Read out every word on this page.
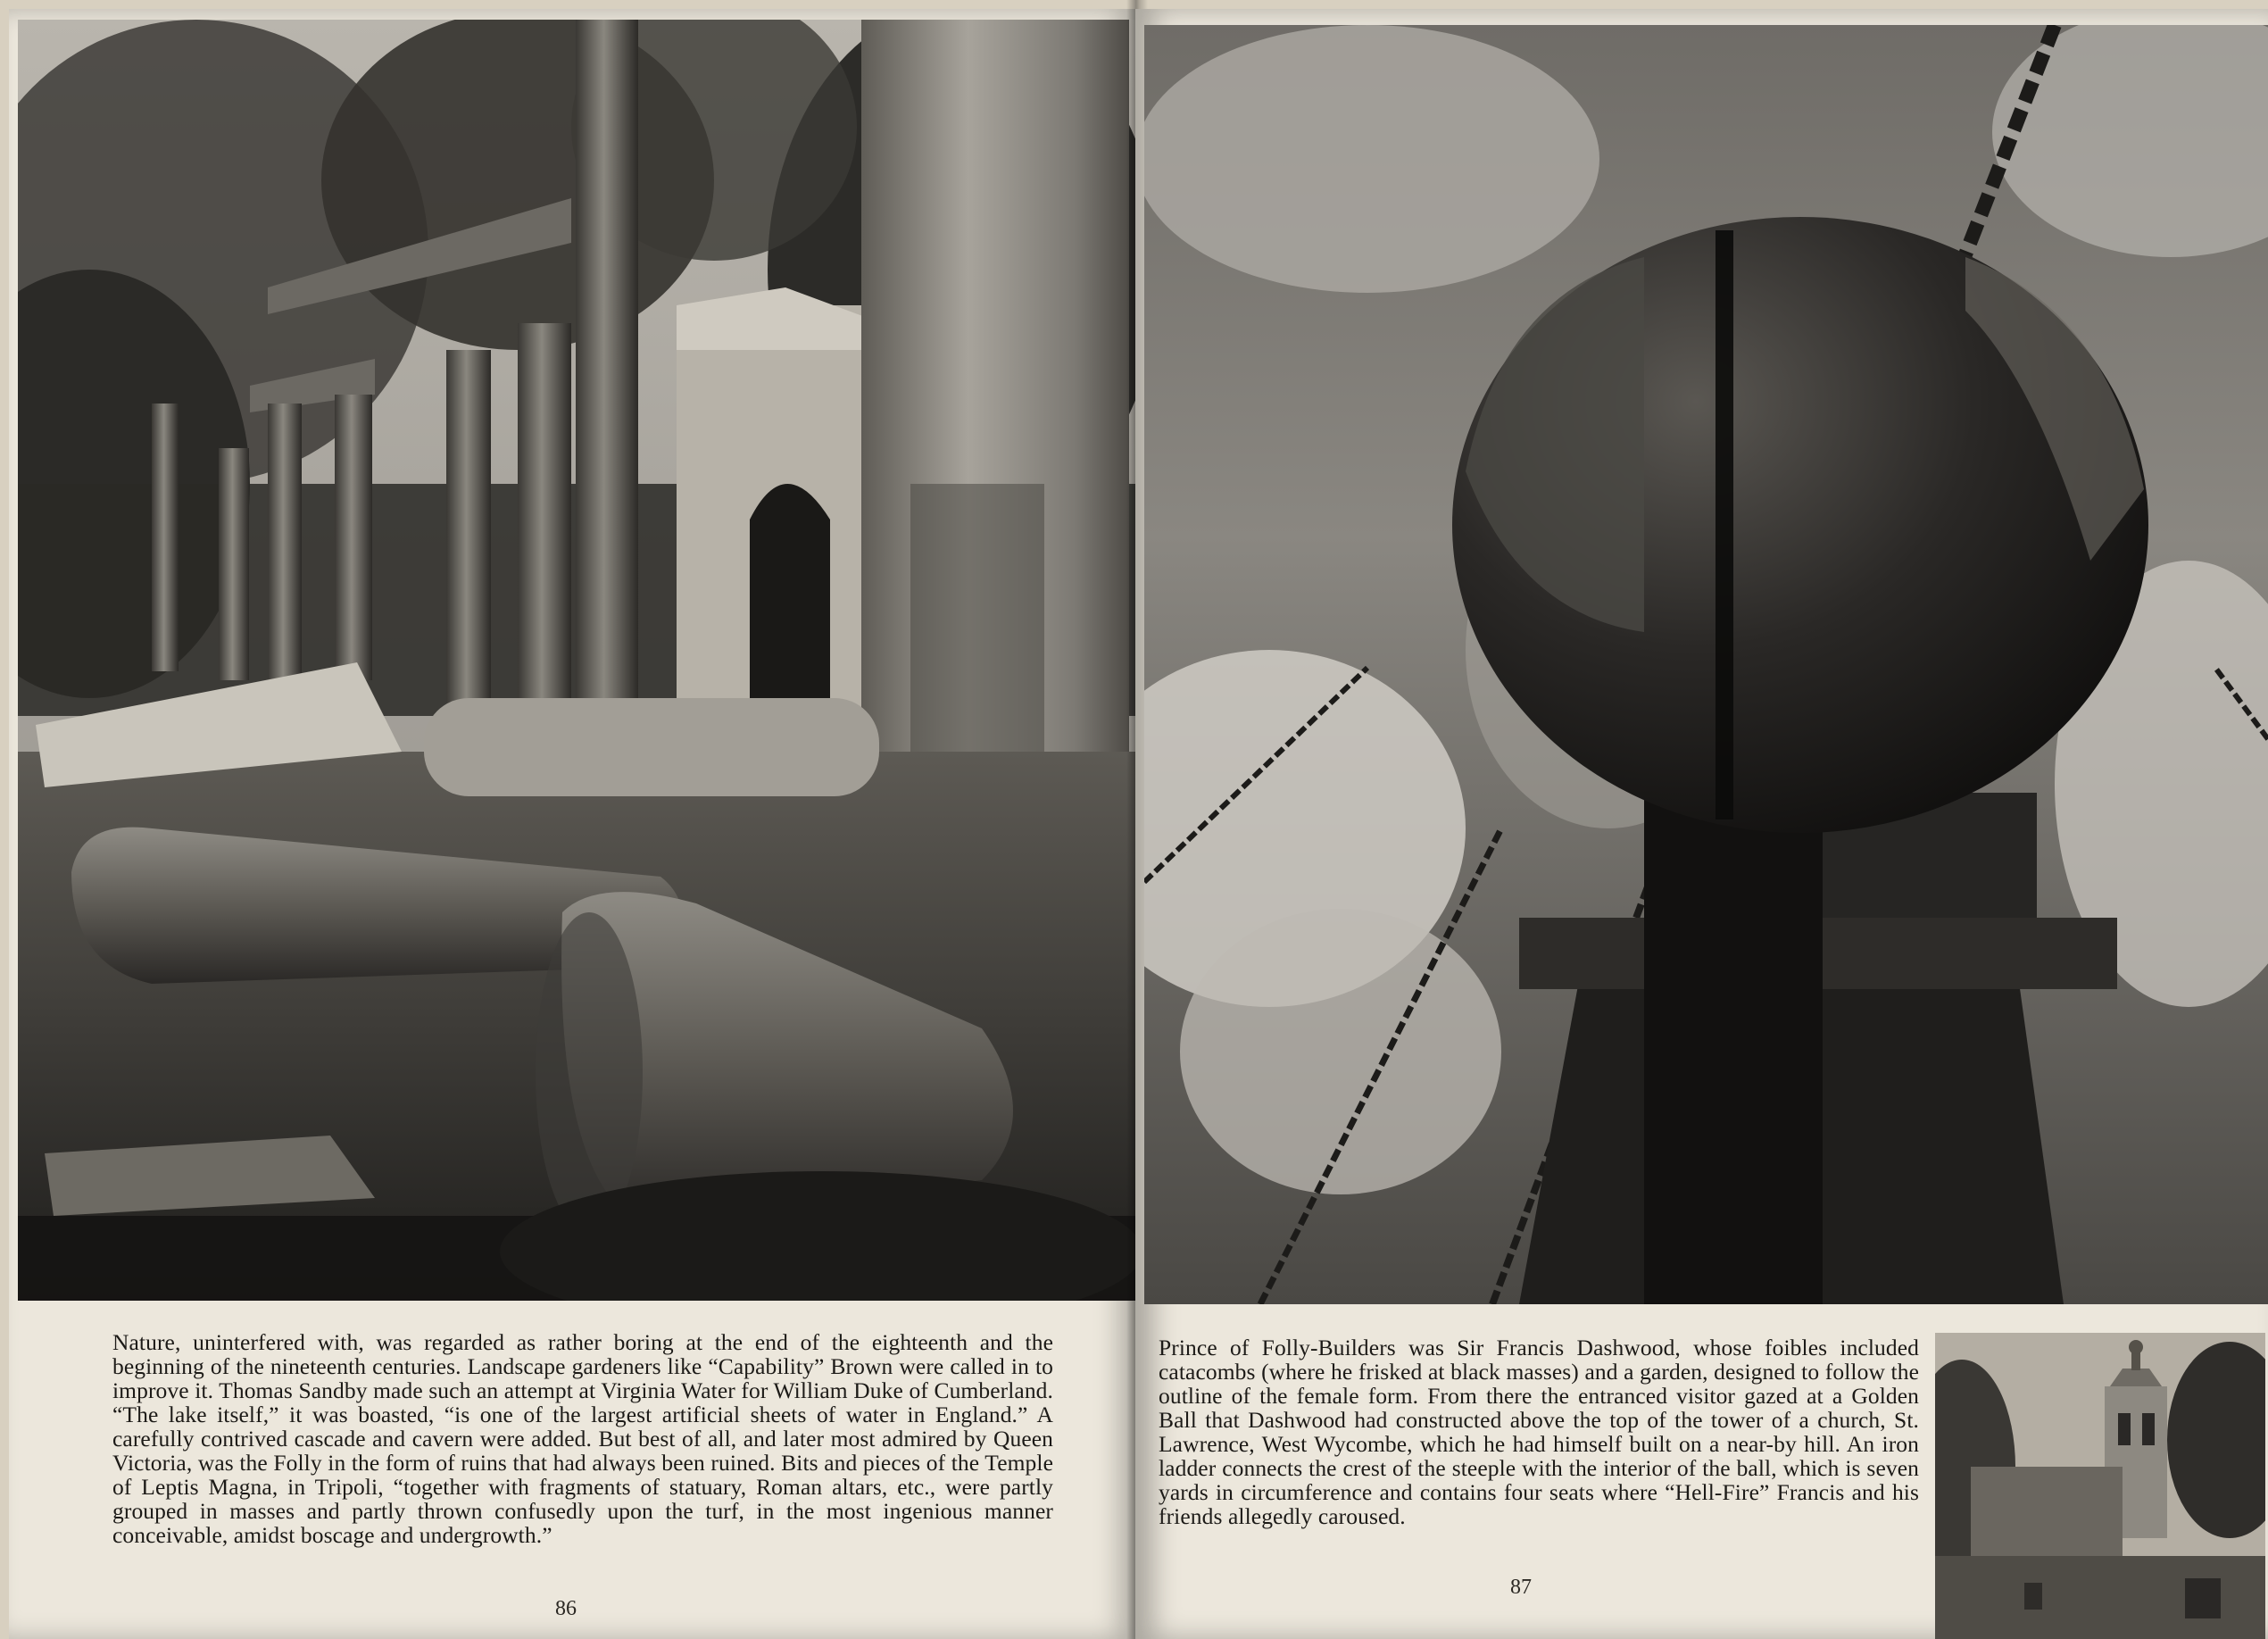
Nature, uninterfered with, was regarded as rather boring at the end of the eighteenth and the beginning of the nineteenth centuries. Landscape gardeners like “Capability” Brown were called in to improve it. Thomas Sandby made such an attempt at Virginia Water for William Duke of Cumberland. “The lake itself,” it was boasted, “is one of the largest artificial sheets of water in England.” A carefully contrived cascade and cavern were added. But best of all, and later most admired by Queen Victoria, was the Folly in the form of ruins that had always been ruined. Bits and pieces of the Temple of Leptis Magna, in Tripoli, “together with fragments of statuary, Roman altars, etc., were partly grouped in masses and partly thrown confusedly upon the turf, in the most ingenious manner conceivable, amidst boscage and undergrowth.”
86
Prince of Folly-Builders was Sir Francis Dashwood, whose foibles included catacombs (where he frisked at black masses) and a garden, designed to follow the outline of the female form. From there the entranced visitor gazed at a Golden Ball that Dashwood had constructed above the top of the tower of a church, St. Lawrence, West Wycombe, which he had himself built on a near-by hill. An iron ladder connects the crest of the steeple with the interior of the ball, which is seven yards in circumference and contains four seats where “Hell-Fire” Francis and his friends allegedly caroused.
87
